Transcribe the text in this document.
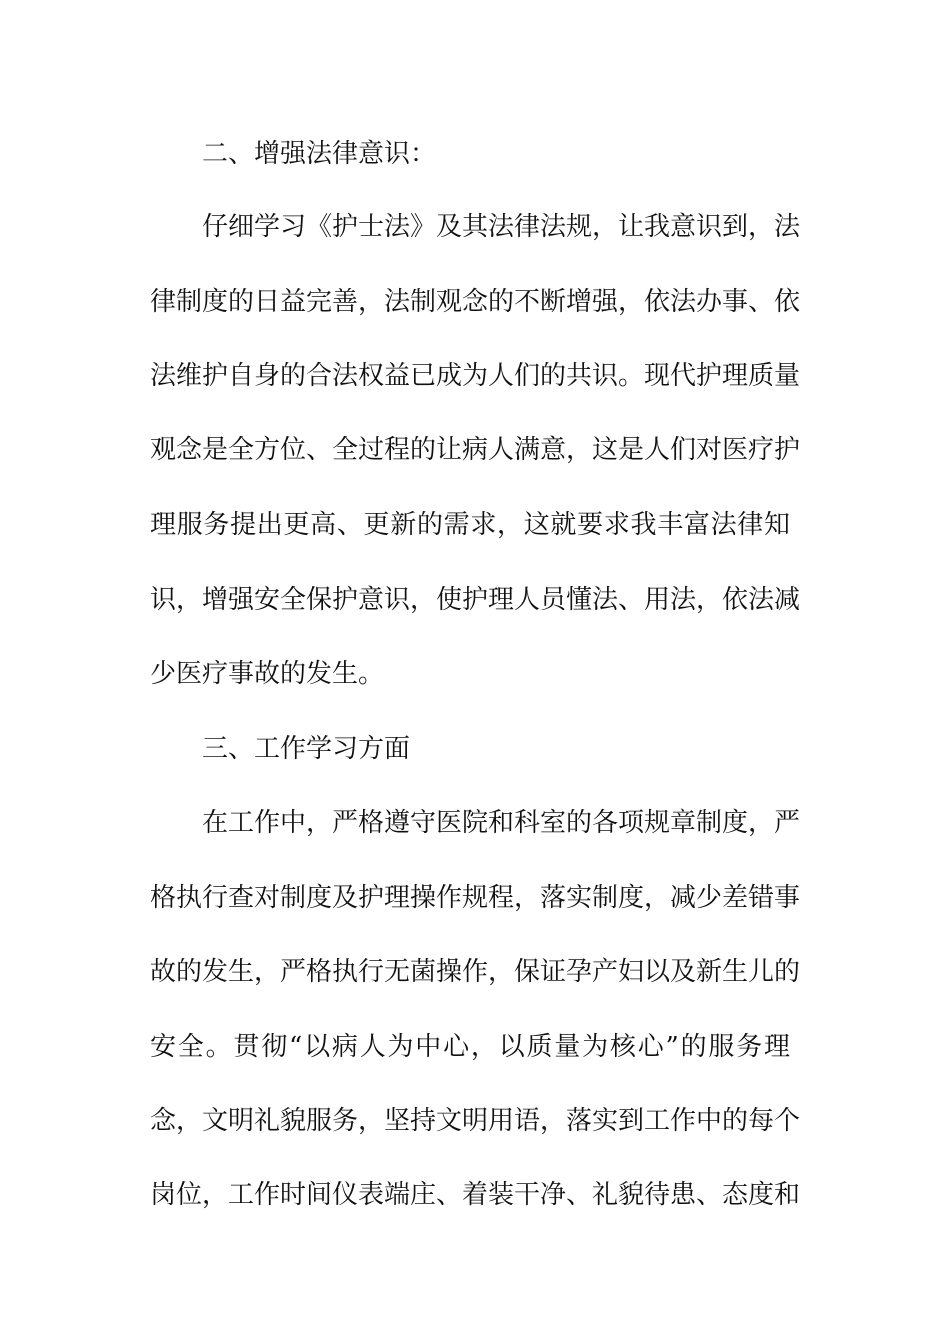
二、增强法律意识：
仔细学习《护士法》及其法律法规，让我意识到，法
律制度的日益完善，法制观念的不断增强，依法办事、依
法维护自身的合法权益已成为人们的共识。现代护理质量
观念是全方位、全过程的让病人满意，这是人们对医疗护
理服务提出更高、更新的需求，这就要求我丰富法律知
识，增强安全保护意识，使护理人员懂法、用法，依法减
少医疗事故的发生。
三、工作学习方面
在工作中，严格遵守医院和科室的各项规章制度，严
格执行查对制度及护理操作规程，落实制度，减少差错事
故的发生，严格执行无菌操作，保证孕产妇以及新生儿的
安全。贯彻“以病人为中心，以质量为核心”的服务理
念，文明礼貌服务，坚持文明用语，落实到工作中的每个
岗位，工作时间仪表端庄、着装干净、礼貌待患、态度和
